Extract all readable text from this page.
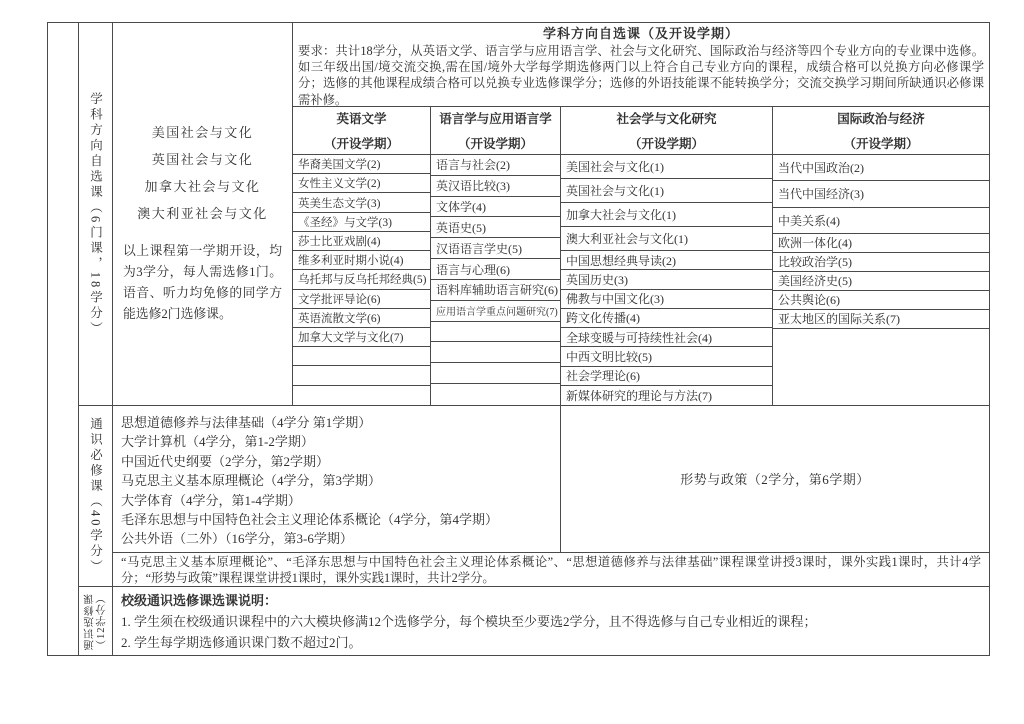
学科方向自选课（6门课，18学分）
通识必修课（40学分）
通识选修课 （12学分）
美国社会与文化
英国社会与文化
加拿大社会与文化
澳大利亚社会与文化
以上课程第一学期开设，均为3学分，每人需选修1门。语音、听力均免修的同学方能选修2门选修课。
学科方向自选课（及开设学期）
要求：共计18学分，从英语文学、语言学与应用语言学、社会与文化研究、国际政治与经济等四个专业方向的专业课中选修。如三年级出国/境交流交换,需在国/境外大学每学期选修两门以上符合自己专业方向的课程，成绩合格可以兑换方向必修课学分；选修的其他课程成绩合格可以兑换专业选修课学分；选修的外语技能课不能转换学分；交流交换学习期间所缺通识必修课需补修。
英语文学
（开设学期）
语言学与应用语言学
（开设学期）
社会学与文化研究
（开设学期）
国际政治与经济
（开设学期）
华裔美国文学(2)
女性主义文学(2)
英美生态文学(3)
《圣经》与文学(3)
莎士比亚戏剧(4)
维多利亚时期小说(4)
乌托邦与反乌托邦经典(5)
文学批评导论(6)
英语流散文学(6)
加拿大文学与文化(7)
语言与社会(2)
英汉语比较(3)
文体学(4)
英语史(5)
汉语语言学史(5)
语言与心理(6)
语料库辅助语言研究(6)
应用语言学重点问题研究(7)
美国社会与文化(1)
英国社会与文化(1)
加拿大社会与文化(1)
澳大利亚社会与文化(1)
中国思想经典导读(2)
英国历史(3)
佛教与中国文化(3)
跨文化传播(4)
全球变暖与可持续性社会(4)
中西文明比较(5)
社会学理论(6)
新媒体研究的理论与方法(7)
当代中国政治(2)
当代中国经济(3)
中美关系(4)
欧洲一体化(4)
比较政治学(5)
美国经济史(5)
公共舆论(6)
亚太地区的国际关系(7)
思想道德修养与法律基础（4学分 第1学期）
大学计算机（4学分，第1-2学期）
中国近代史纲要（2学分，第2学期）
马克思主义基本原理概论（4学分，第3学期）
大学体育（4学分，第1-4学期）
毛泽东思想与中国特色社会主义理论体系概论（4学分，第4学期）
公共外语（二外）（16学分，第3-6学期）
形势与政策（2学分，第6学期）
“马克思主义基本原理概论”、“毛泽东思想与中国特色社会主义理论体系概论”、“思想道德修养与法律基础”课程课堂讲授3课时，课外实践1课时，共计4学分；“形势与政策”课程课堂讲授1课时，课外实践1课时，共计2学分。
校级通识选修课选课说明：
1. 学生须在校级通识课程中的六大模块修满12个选修学分，每个模块至少要选2学分，且不得选修与自己专业相近的课程；
2. 学生每学期选修通识课门数不超过2门。
